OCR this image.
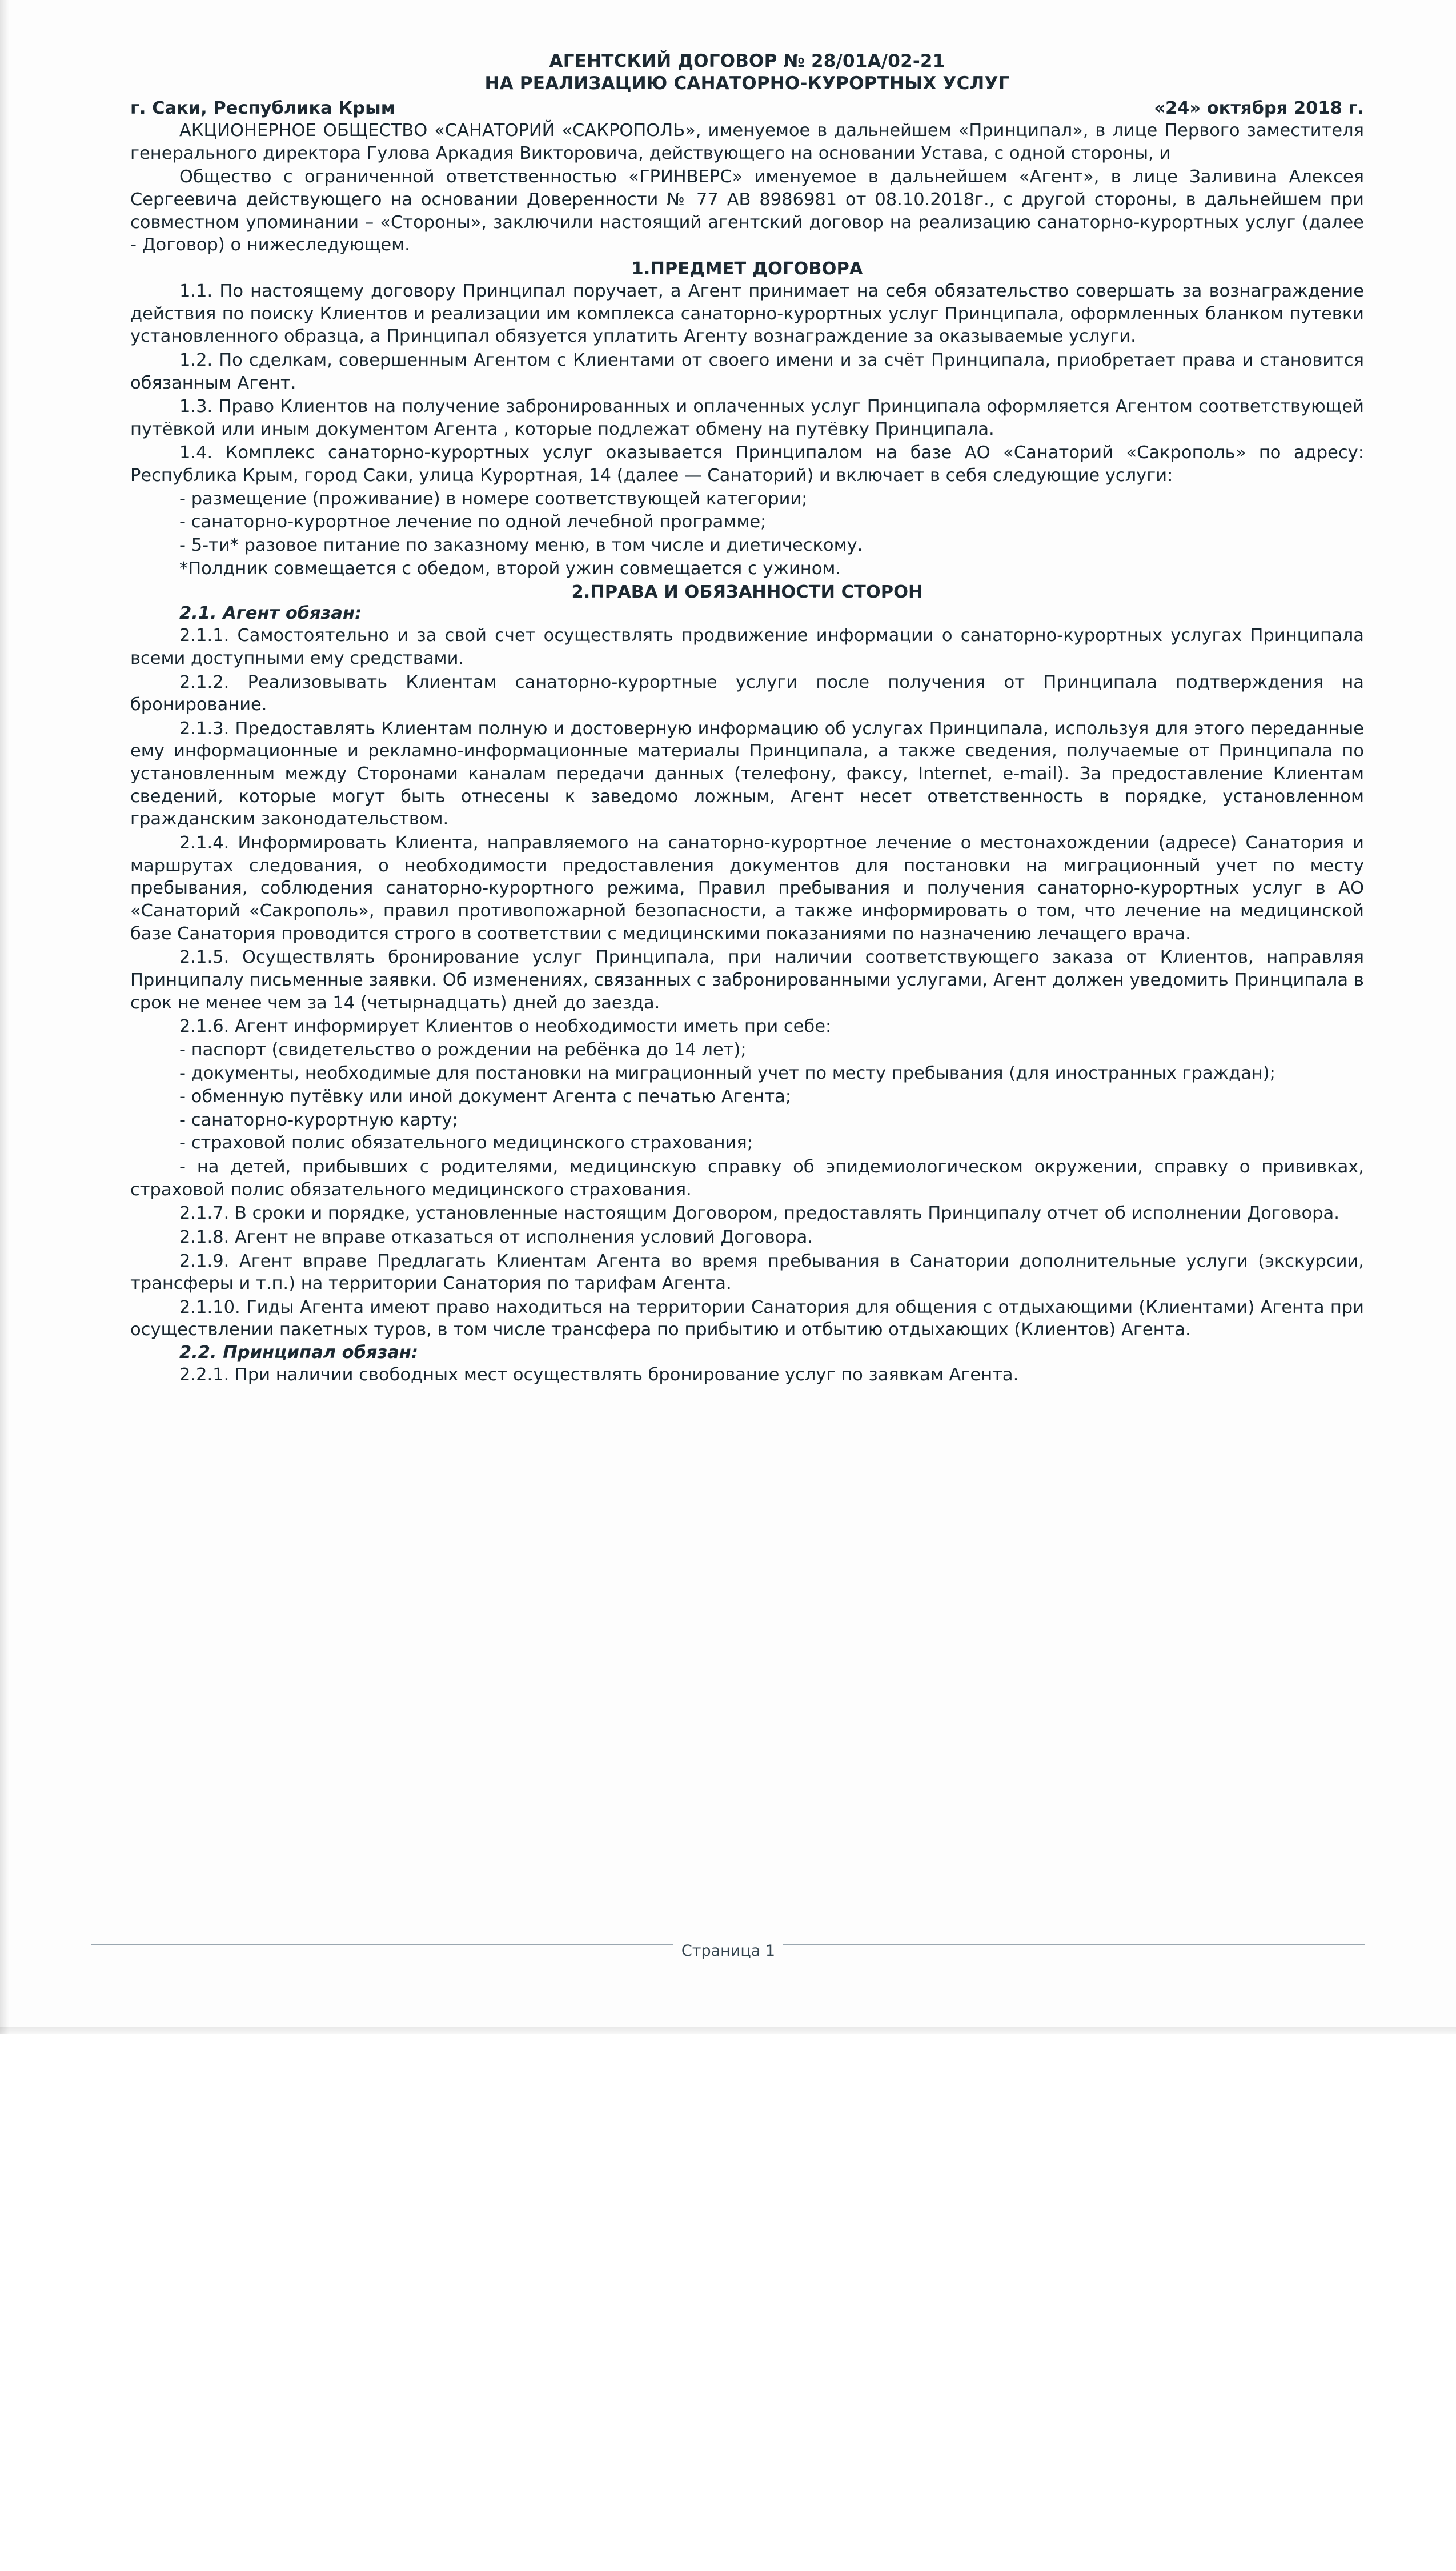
АГЕНТСКИЙ ДОГОВОР № 28/01А/02-21
НА РЕАЛИЗАЦИЮ САНАТОРНО-КУРОРТНЫХ УСЛУГ
г. Саки, Республика Крым	«24» октября 2018 г.

АКЦИОНЕРНОЕ ОБЩЕСТВО «САНАТОРИЙ «САКРОПОЛЬ», именуемое в дальнейшем «Принципал», в лице Первого заместителя генерального директора Гулова Аркадия Викторовича, действующего на основании Устава, с одной стороны, и

Общество с ограниченной ответственностью «ГРИНВЕРС» именуемое в дальнейшем «Агент», в лице Заливина Алексея Сергеевича действующего на основании Доверенности № 77 АВ 8986981 от 08.10.2018г., с другой стороны, в дальнейшем при совместном упоминании – «Стороны», заключили настоящий агентский договор на реализацию санаторно-курортных услуг (далее - Договор) о нижеследующем.

1.ПРЕДМЕТ ДОГОВОРА

1.1. По настоящему договору Принципал поручает, а Агент принимает на себя обязательство совершать за вознаграждение действия по поиску Клиентов и реализации им комплекса санаторно-курортных услуг Принципала, оформленных бланком путевки установленного образца, а Принципал обязуется уплатить Агенту вознаграждение за оказываемые услуги.

1.2. По сделкам, совершенным Агентом с Клиентами от своего имени и за счёт Принципала, приобретает права и становится обязанным Агент.

1.3. Право Клиентов на получение забронированных и оплаченных услуг Принципала оформляется Агентом соответствующей путёвкой или иным документом Агента , которые подлежат обмену на путёвку Принципала.

1.4. Комплекс санаторно-курортных услуг оказывается Принципалом на базе АО «Санаторий «Сакрополь» по адресу: Республика Крым, город Саки, улица Курортная, 14 (далее — Санаторий) и включает в себя следующие услуги:

- размещение (проживание) в номере соответствующей категории;

- санаторно-курортное лечение по одной лечебной программе;

- 5-ти* разовое питание по заказному меню, в том числе и диетическому.

*Полдник совмещается с обедом, второй ужин совмещается с ужином.

2.ПРАВА И ОБЯЗАННОСТИ СТОРОН
2.1. Агент обязан:

2.1.1. Самостоятельно и за свой счет осуществлять продвижение информации о санаторно-курортных услугах Принципала всеми доступными ему средствами.

2.1.2. Реализовывать Клиентам санаторно-курортные услуги после получения от Принципала подтверждения на бронирование.

2.1.3. Предоставлять Клиентам полную и достоверную информацию об услугах Принципала, используя для этого переданные ему информационные и рекламно-информационные материалы Принципала, а также сведения, получаемые от Принципала по установленным между Сторонами каналам передачи данных (телефону, факсу, Internet, e-mail). За предоставление Клиентам сведений, которые могут быть отнесены к заведомо ложным, Агент несет ответственность в порядке, установленном гражданским законодательством.

2.1.4. Информировать Клиента, направляемого на санаторно-курортное лечение о местонахождении (адресе) Санатория и маршрутах следования, о необходимости предоставления документов для постановки на миграционный учет по месту пребывания, соблюдения санаторно-курортного режима, Правил пребывания и получения санаторно-курортных услуг в АО «Санаторий «Сакрополь», правил противопожарной безопасности, а также информировать о том, что лечение на медицинской базе Санатория проводится строго в соответствии с медицинскими показаниями по назначению лечащего врача.

2.1.5. Осуществлять бронирование услуг Принципала, при наличии соответствующего заказа от Клиентов, направляя Принципалу письменные заявки. Об изменениях, связанных с забронированными услугами, Агент должен уведомить Принципала в срок не менее чем за 14 (четырнадцать) дней до заезда.

2.1.6. Агент информирует Клиентов о необходимости иметь при себе:

- паспорт (свидетельство о рождении на ребёнка до 14 лет);

- документы, необходимые для постановки на миграционный учет по месту пребывания (для иностранных граждан);

- обменную путёвку или иной документ Агента с печатью Агента;

- санаторно-курортную карту;

- страховой полис обязательного медицинского страхования;

- на детей, прибывших с родителями, медицинскую справку об эпидемиологическом окружении, справку о прививках, страховой полис обязательного медицинского страхования.

2.1.7. В сроки и порядке, установленные настоящим Договором, предоставлять Принципалу отчет об исполнении Договора.

2.1.8. Агент не вправе отказаться от исполнения условий Договора.

2.1.9. Агент вправе Предлагать Клиентам Агента во время пребывания в Санатории дополнительные услуги (экскурсии, трансферы и т.п.) на территории Санатория по тарифам Агента.

2.1.10. Гиды Агента имеют право находиться на территории Санатория для общения с отдыхающими (Клиентами) Агента при осуществлении пакетных туров, в том числе трансфера по прибытию и отбытию отдыхающих (Клиентов) Агента.

2.2. Принципал обязан:

2.2.1. При наличии свободных мест осуществлять бронирование услуг по заявкам Агента.

Страница 1
